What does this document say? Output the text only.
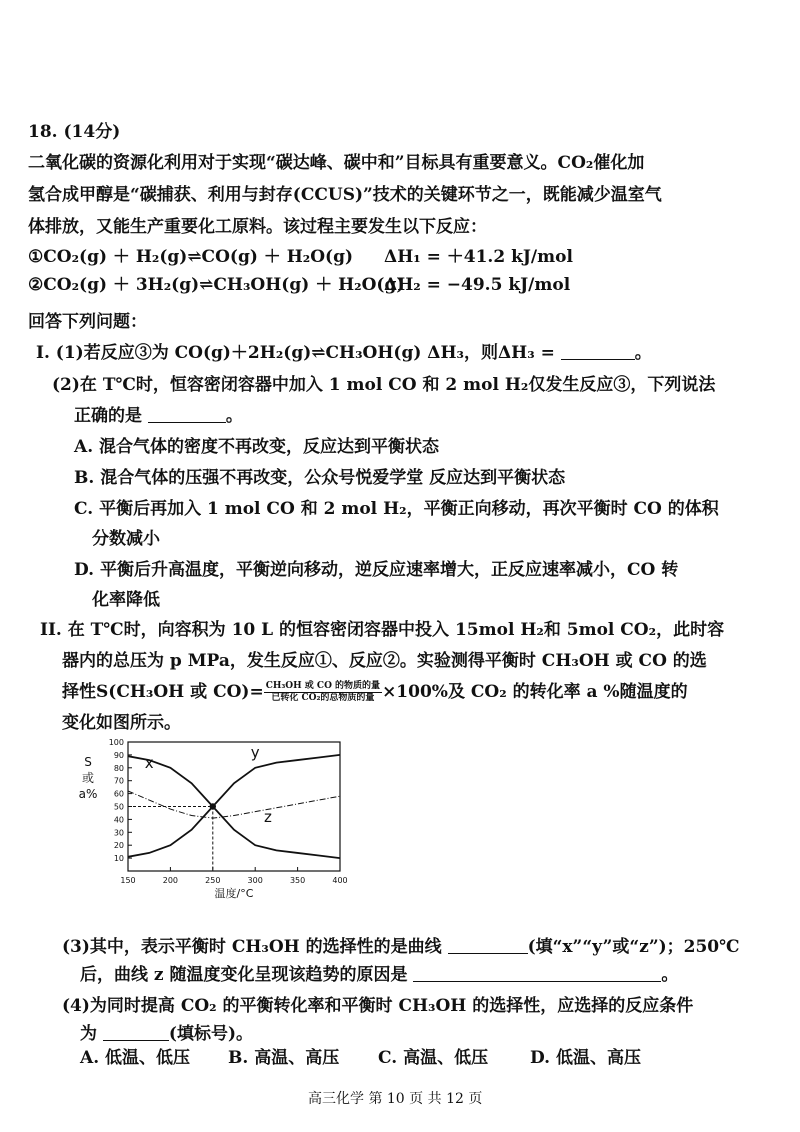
18. (14分)
二氧化碳的资源化利用对于实现“碳达峰、碳中和”目标具有重要意义。CO₂催化加
氢合成甲醇是“碳捕获、利用与封存(CCUS)”技术的关键环节之一，既能减少温室气
体排放，又能生产重要化工原料。该过程主要发生以下反应：
①CO₂(g) ＋ H₂(g)⇌CO(g) ＋ H₂O(g) ΔH₁ = ＋41.2 kJ/mol
②CO₂(g) ＋ 3H₂(g)⇌CH₃OH(g) ＋ H₂O(g)
ΔH₂ = −49.5 kJ/mol
回答下列问题：
I. (1)若反应③为 CO(g)＋2H₂(g)⇌CH₃OH(g) ΔH₃，则ΔH₃ =	。
(2)在 T℃时，恒容密闭容器中加入 1 mol CO 和 2 mol H₂仅发生反应③，下列说法
正确的是	。
A. 混合气体的密度不再改变，反应达到平衡状态
B. 混合气体的压强不再改变，公众号悦爱学堂 反应达到平衡状态
C. 平衡后再加入 1 mol CO 和 2 mol H₂，平衡正向移动，再次平衡时 CO 的体积
分数减小
D. 平衡后升高温度，平衡逆向移动，逆反应速率增大，正反应速率减小，CO 转
化率降低
II. 在 T℃时，向容积为 10 L 的恒容密闭容器中投入 15mol H₂和 5mol CO₂，此时容
器内的总压为 p MPa，发生反应①、反应②。实验测得平衡时 CH₃OH 或 CO 的选
择性S(CH₃OH 或 $CO)= \frac{\text{CH₃OH 或 CO 的物质的量}}{\text{已转化 CO₂的总物质的量}} \times 100\%$及 CO₂ 的转化率 a %随温度的
变化如图所示。
10
20
30
40
50
60
70
80
90
100
150	200	250	300	350	400
S
或
a%
温度/°C
x
y
z
(3)其中，表示平衡时 CH₃OH 的选择性的是曲线	(填“x”“y”或“z”)；250℃
后，曲线 z 随温度变化呈现该趋势的原因是	。
(4)为同时提高 CO₂ 的平衡转化率和平衡时 CH₃OH 的选择性，应选择的反应条件
为	(填标号)。
A. 低温、低压 B. 高温、高压 C. 高温、低压 D. 低温、高压
高三化学 第 10 页 共 12 页
